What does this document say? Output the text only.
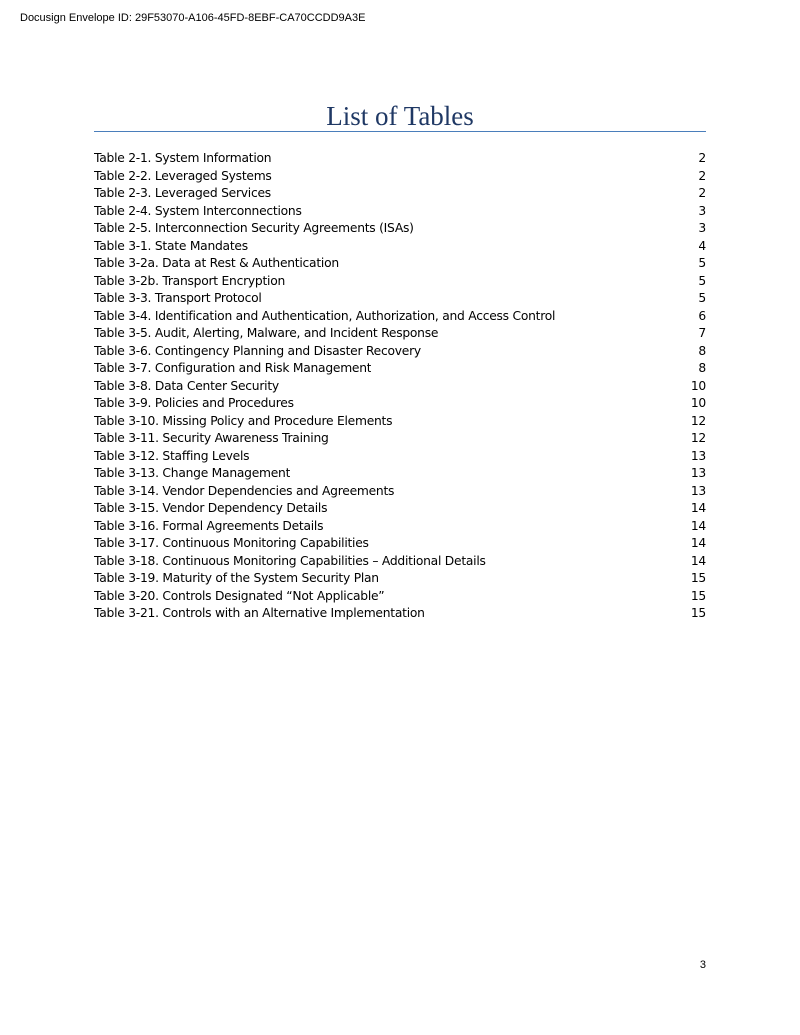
Docusign Envelope ID: 29F53070-A106-45FD-8EBF-CA70CCDD9A3E
List of Tables
Table 2-1. System Information	2
Table 2-2. Leveraged Systems	2
Table 2-3. Leveraged Services	2
Table 2-4. System Interconnections	3
Table 2-5. Interconnection Security Agreements (ISAs)	3
Table 3-1. State Mandates	4
Table 3-2a. Data at Rest & Authentication	5
Table 3-2b. Transport Encryption	5
Table 3-3. Transport Protocol	5
Table 3-4. Identification and Authentication, Authorization, and Access Control	6
Table 3-5. Audit, Alerting, Malware, and Incident Response	7
Table 3-6. Contingency Planning and Disaster Recovery	8
Table 3-7. Configuration and Risk Management	8
Table 3-8. Data Center Security	10
Table 3-9. Policies and Procedures	10
Table 3-10. Missing Policy and Procedure Elements	12
Table 3-11. Security Awareness Training	12
Table 3-12. Staffing Levels	13
Table 3-13. Change Management	13
Table 3-14. Vendor Dependencies and Agreements	13
Table 3-15. Vendor Dependency Details	14
Table 3-16. Formal Agreements Details	14
Table 3-17. Continuous Monitoring Capabilities	14
Table 3-18. Continuous Monitoring Capabilities – Additional Details	14
Table 3-19. Maturity of the System Security Plan	15
Table 3-20. Controls Designated “Not Applicable”	15
Table 3-21. Controls with an Alternative Implementation	15
3
